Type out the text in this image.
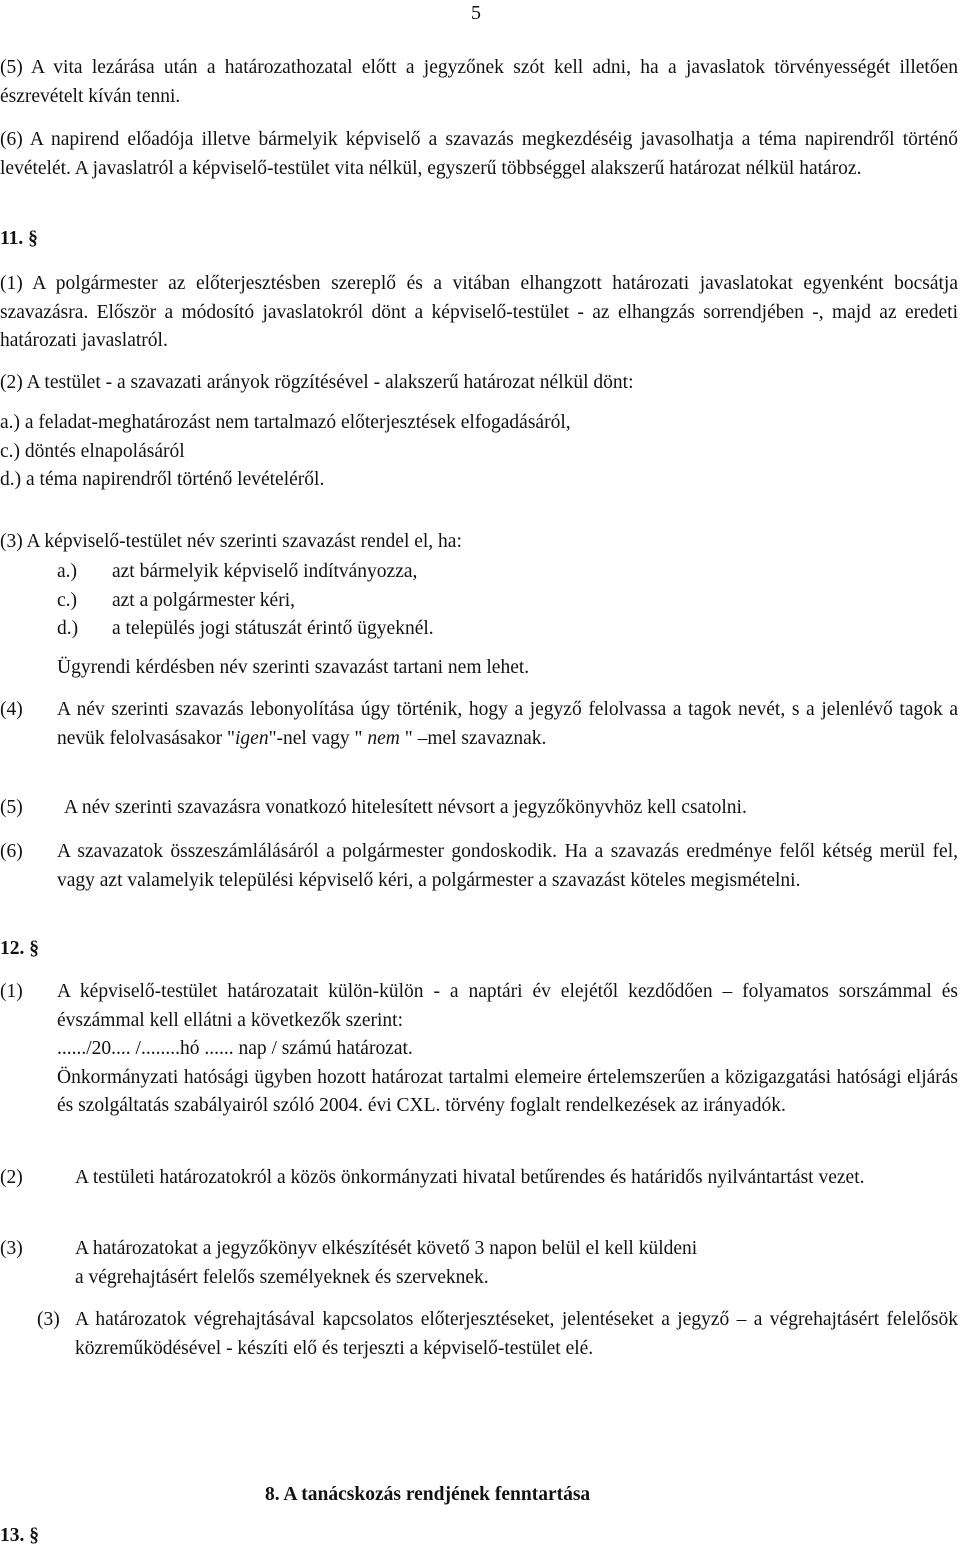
5
(5) A vita lezárása után a határozathozatal előtt a jegyzőnek szót kell adni, ha a javaslatok törvényességét illetően észrevételt kíván tenni.
(6) A napirend előadója illetve bármelyik képviselő a szavazás megkezdéséig javasolhatja a téma napirendről történő levételét. A javaslatról a képviselő-testület vita nélkül, egyszerű többséggel alakszerű határozat nélkül határoz.
11. §
(1) A polgármester az előterjesztésben szereplő és a vitában elhangzott határozati javaslatokat egyenként bocsátja szavazásra. Először a módosító javaslatokról dönt a képviselő-testület - az elhangzás sorrendjében -, majd az eredeti határozati javaslatról.
(2) A testület - a szavazati arányok rögzítésével - alakszerű határozat nélkül dönt:
a.) a feladat-meghatározást nem tartalmazó előterjesztések elfogadásáról,
c.) döntés elnapolásáról
d.) a téma napirendről történő levételéről.
(3) A képviselő-testület név szerinti szavazást rendel el, ha:
a.)	azt bármelyik képviselő indítványozza,
c.)	azt a polgármester kéri,
d.)	a település jogi státuszát érintő ügyeknél.
Ügyrendi kérdésben név szerinti szavazást tartani nem lehet.
(4)	A név szerinti szavazás lebonyolítása úgy történik, hogy a jegyző felolvassa a tagok nevét, s a jelenlévő tagok a nevük felolvasásakor "igen"-nel vagy " nem " –mel szavaznak.
(5)	A név szerinti szavazásra vonatkozó hitelesített névsort a jegyzőkönyvhöz kell csatolni.
(6)	A szavazatok összeszámlálásáról a polgármester gondoskodik. Ha a szavazás eredménye felől kétség merül fel, vagy azt valamelyik települési képviselő kéri, a polgármester a szavazást köteles megismételni.
12. §
(1)	A képviselő-testület határozatait külön-külön - a naptári év elejétől kezdődően – folyamatos sorszámmal és évszámmal kell ellátni a következők szerint:
....../20.... /........hó ...... nap / számú határozat.
Önkormányzati hatósági ügyben hozott határozat tartalmi elemeire értelemszerűen a közigazgatási hatósági eljárás és szolgáltatás szabályairól szóló 2004. évi CXL. törvény foglalt rendelkezések az irányadók.
(2)	A testületi határozatokról a közös önkormányzati hivatal betűrendes és határidős nyilvántartást vezet.
(3)	A határozatokat a jegyzőkönyv elkészítését követő 3 napon belül el kell küldeni
a végrehajtásért felelős személyeknek és szerveknek.
(3) A határozatok végrehajtásával kapcsolatos előterjesztéseket, jelentéseket a jegyző – a végrehajtásért felelősök közreműködésével - készíti elő és terjeszti a képviselő-testület elé.
8. A tanácskozás rendjének fenntartása
13. §
